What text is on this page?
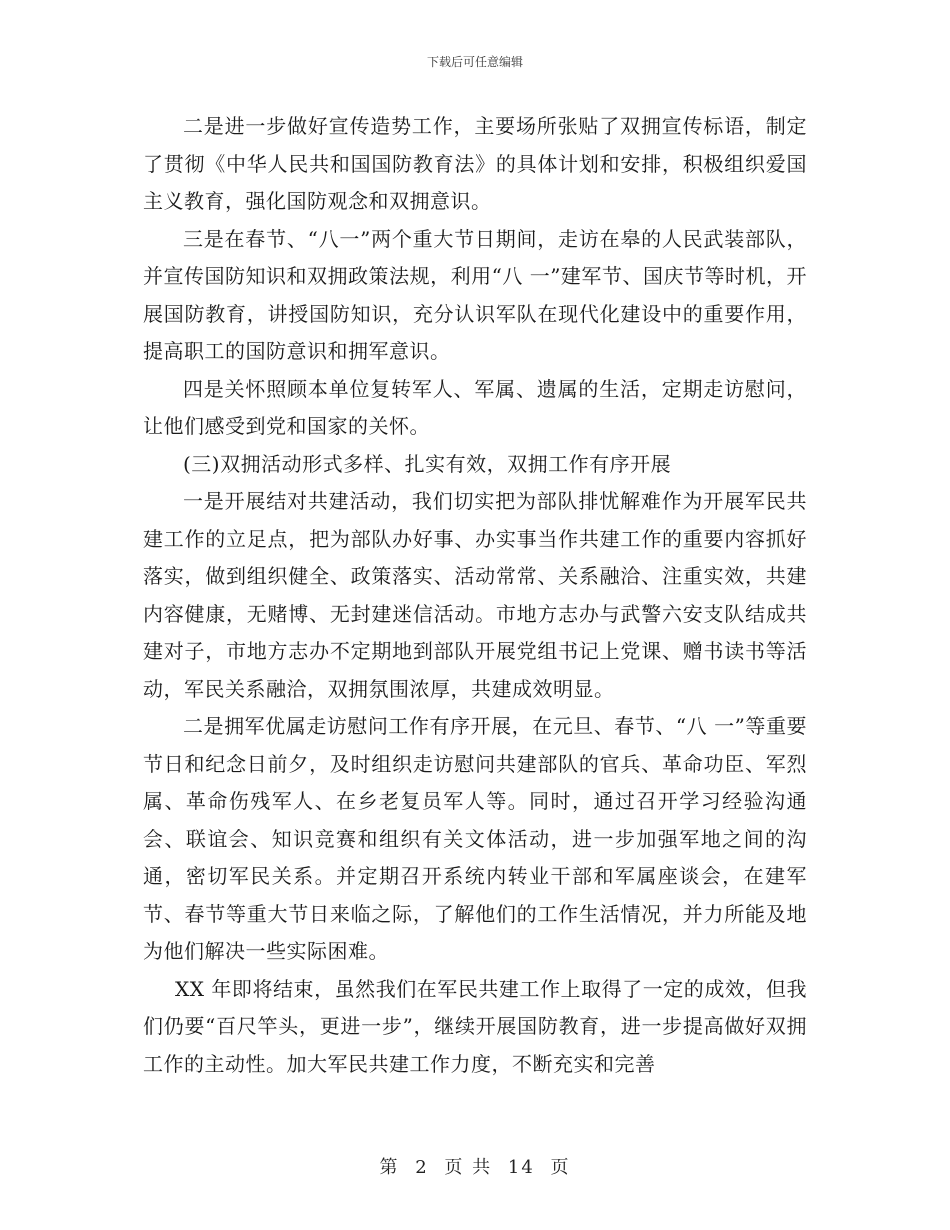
下载后可任意编辑

二是进一步做好宣传造势工作，主要场所张贴了双拥宣传标语，制定了贯彻《中华人民共和国国防教育法》的具体计划和安排，积极组织爱国主义教育，强化国防观念和双拥意识。

三是在春节、“八一”两个重大节日期间，走访在皋的人民武装部队，并宣传国防知识和双拥政策法规，利用“八 一”建军节、国庆节等时机，开展国防教育，讲授国防知识，充分认识军队在现代化建设中的重要作用，提高职工的国防意识和拥军意识。

四是关怀照顾本单位复转军人、军属、遗属的生活，定期走访慰问，让他们感受到党和国家的关怀。

(三)双拥活动形式多样、扎实有效，双拥工作有序开展

一是开展结对共建活动，我们切实把为部队排忧解难作为开展军民共建工作的立足点，把为部队办好事、办实事当作共建工作的重要内容抓好落实，做到组织健全、政策落实、活动常常、关系融洽、注重实效，共建内容健康，无赌博、无封建迷信活动。市地方志办与武警六安支队结成共建对子，市地方志办不定期地到部队开展党组书记上党课、赠书读书等活动，军民关系融洽，双拥氛围浓厚，共建成效明显。

二是拥军优属走访慰问工作有序开展，在元旦、春节、“八 一”等重要节日和纪念日前夕，及时组织走访慰问共建部队的官兵、革命功臣、军烈属、革命伤残军人、在乡老复员军人等。同时，通过召开学习经验沟通会、联谊会、知识竞赛和组织有关文体活动，进一步加强军地之间的沟通，密切军民关系。并定期召开系统内转业干部和军属座谈会，在建军节、春节等重大节日来临之际，了解他们的工作生活情况，并力所能及地为他们解决一些实际困难。

XX 年即将结束，虽然我们在军民共建工作上取得了一定的成效，但我们仍要“百尺竿头，更进一步”，继续开展国防教育，进一步提高做好双拥工作的主动性。加大军民共建工作力度，不断充实和完善

第 2 页 共 14 页
